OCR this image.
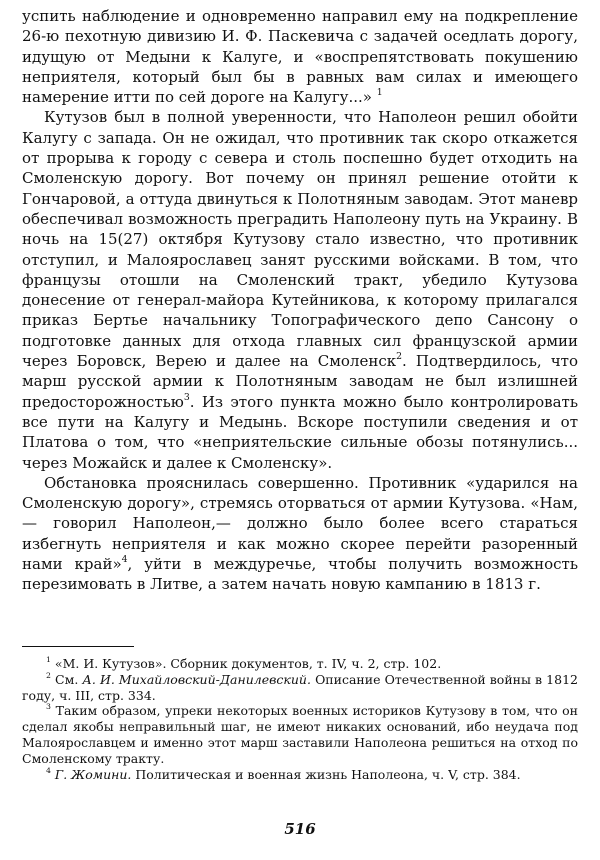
успить наблюдение и одновременно направил ему на подкрепление 26-ю пехотную дивизию И. Ф. Паскевича с задачей оседлать дорогу, идущую от Медыни к Калуге, и «воспрепятствовать покушению неприятеля, который был бы в равных вам силах и имеющего намерение итти по сей дороге на Калугу...» $^1$

Кутузов был в полной уверенности, что Наполеон решил обойти Калугу с запада. Он не ожидал, что противник так скоро откажется от прорыва к городу с севера и столь поспешно будет отходить на Смоленскую дорогу. Вот почему он принял решение отойти к Гончаровой, а оттуда двинуться к Полотняным заводам. Этот маневр обеспечивал возможность преградить Наполеону путь на Украину. В ночь на 15(27) октября Кутузову стало известно, что противник отступил, и Малоярославец занят русскими войсками. В том, что французы отошли на Смоленский тракт, убедило Кутузова донесение от генерал-майора Кутейникова, к которому прилагался приказ Бертье начальнику Топографического депо Сансону о подготовке данных для отхода главных сил французской армии через Боровск, Верею и далее на Смоленск$^2$. Подтвердилось, что марш русской армии к Полотняным заводам не был излишней предосторожностью$^3$. Из этого пункта можно было контролировать все пути на Калугу и Медынь. Вскоре поступили сведения и от Платова о том, что «неприятельские сильные обозы потянулись... через Можайск и далее к Смоленску».

Обстановка прояснилась совершенно. Противник «ударился на Смоленскую дорогу», стремясь оторваться от армии Кутузова. «Нам,— говорил Наполеон,— должно было более всего стараться избегнуть неприятеля и как можно скорее перейти разоренный нами край»$^4$, уйти в междуречье, чтобы получить возможность перезимовать в Литве, а затем начать новую кампанию в 1813 г.

$^1$ «М. И. Кутузов». Сборник документов, т. IV, ч. 2, стр. 102.

$^2$ См. А. И. Михайловский-Данилевский. Описание Отечественной войны в 1812 году, ч. III, стр. 334.

$^3$ Таким образом, упреки некоторых военных историков Кутузову в том, что он сделал якобы неправильный шаг, не имеют никаких оснований, ибо неудача под Малоярославцем и именно этот марш заставили Наполеона решиться на отход по Смоленскому тракту.

$^4$ Г. Жомини. Политическая и военная жизнь Наполеона, ч. V, стр. 384.

516
